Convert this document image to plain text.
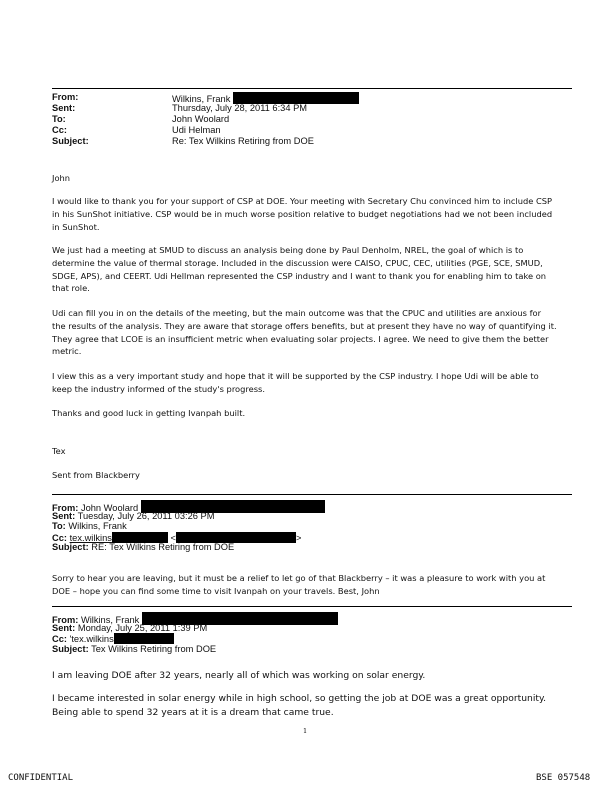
From:	Wilkins, Frank
Sent:	Thursday, July 28, 2011 6:34 PM
To:	John Woolard
Cc:	Udi Helman
Subject:	Re: Tex Wilkins Retiring from DOE
John
I would like to thank you for your support of CSP at DOE. Your meeting with Secretary Chu convinced him to include CSP
in his SunShot initiative. CSP would be in much worse position relative to budget negotiations had we not been included
in SunShot.
We just had a meeting at SMUD to discuss an analysis being done by Paul Denholm, NREL, the goal of which is to
determine the value of thermal storage. Included in the discussion were CAISO, CPUC, CEC, utilities (PGE, SCE, SMUD,
SDGE, APS), and CEERT. Udi Hellman represented the CSP industry and I want to thank you for enabling him to take on
that role.
Udi can fill you in on the details of the meeting, but the main outcome was that the CPUC and utilities are anxious for
the results of the analysis. They are aware that storage offers benefits, but at present they have no way of quantifying it.
They agree that LCOE is an insufficient metric when evaluating solar projects. I agree. We need to give them the better
metric.
I view this as a very important study and hope that it will be supported by the CSP industry. I hope Udi will be able to
keep the industry informed of the study's progress.
Thanks and good luck in getting Ivanpah built.
Tex
Sent from Blackberry
From: John Woolard
Sent: Tuesday, July 26, 2011 03:26 PM
To: Wilkins, Frank
Cc: tex.wilkins	<	>
Subject: RE: Tex Wilkins Retiring from DOE
Sorry to hear you are leaving, but it must be a relief to let go of that Blackberry – it was a pleasure to work with you at
DOE – hope you can find some time to visit Ivanpah on your travels. Best, John
From: Wilkins, Frank
Sent: Monday, July 25, 2011 1:39 PM
Cc: 'tex.wilkins
Subject: Tex Wilkins Retiring from DOE
I am leaving DOE after 32 years, nearly all of which was working on solar energy.
I became interested in solar energy while in high school, so getting the job at DOE was a great opportunity.
Being able to spend 32 years at it is a dream that came true.
1
CONFIDENTIAL	BSE 057548
